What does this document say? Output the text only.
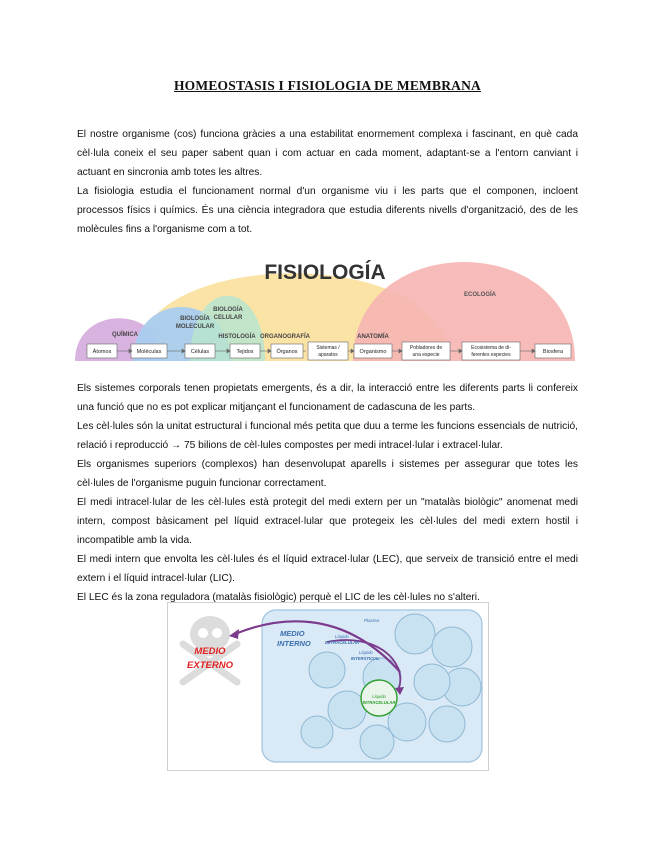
HOMEOSTASIS I FISIOLOGIA DE MEMBRANA

El nostre organisme (cos) funciona gràcies a una estabilitat enormement complexa i fascinant, en què cada cèl·lula coneix el seu paper sabent quan i com actuar en cada moment, adaptant-se a l'entorn canviant i actuant en sincronia amb totes les altres.

La fisiologia estudia el funcionament normal d'un organisme viu i les parts que el componen, incloent processos físics i químics. És una ciència integradora que estudia diferents nivells d'organització, des de les molècules fins a l'organisme com a tot.

FISIOLOGÍA
ECOLOGÍA
QUÍMICA
BIOLOGÍA
MOLECULAR
BIOLOGÍA
CELULAR
HISTOLOGÍA ORGANOGRAFÍA	ANATOMÍA
Átomos	Moléculas	Células	Tejidos	Órganos
Sistemas /
aparatos	Organismo
Pobladores de
una especie
Ecosistema de di-
ferentes especies	Biosfera

Els sistemes corporals tenen propietats emergents, és a dir, la interacció entre les diferents parts li confereix una funció que no es pot explicar mitjançant el funcionament de cadascuna de les parts.

Les cèl·lules són la unitat estructural i funcional més petita que duu a terme les funcions essencials de nutrició, relació i reproducció → 75 bilions de cèl·lules compostes per medi intracel·lular i extracel·lular.

Els organismes superiors (complexos) han desenvolupat aparells i sistemes per assegurar que totes les cèl·lules de l'organisme puguin funcionar correctament.

El medi intracel·lular de les cèl·lules està protegit del medi extern per un "matalàs biològic" anomenat medi intern, compost bàsicament pel líquid extracel·lular que protegeix les cèl·lules del medi extern hostil i incompatible amb la vida.

El medi intern que envolta les cèl·lules és el líquid extracel·lular (LEC), que serveix de transició entre el medi extern i el líquid intracel·lular (LIC).

El LEC és la zona reguladora (matalàs fisiològic) perquè el LIC de les cèl·lules no s'alteri.

MEDIO
EXTERNO
MEDIO
INTERNO
Plasma
Líquido
EXTRACELULAR
Líquido
INTERSTICIAL
Líquido
INTRACELULAR
